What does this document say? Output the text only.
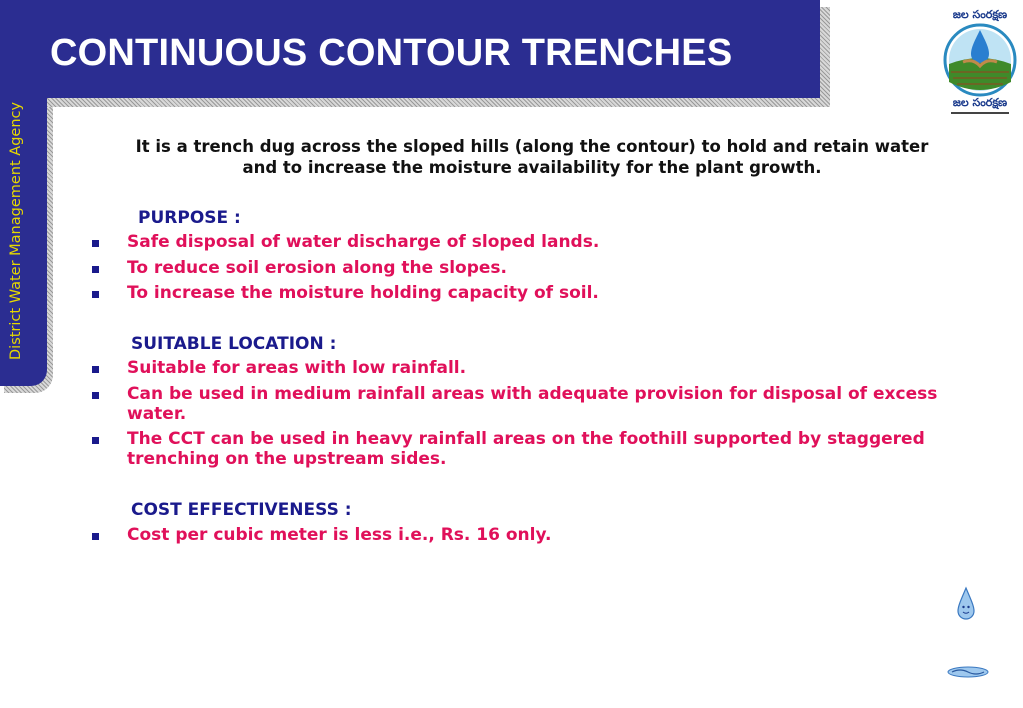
District Water Management Agency
CONTINUOUS CONTOUR TRENCHES
జల సంరక్షణ
జల సంరక్షణ
It is a trench dug across the sloped hills (along the contour) to hold and retain water and to increase the moisture availability for the plant growth.
PURPOSE :
Safe disposal of water discharge of sloped lands.
To reduce soil erosion along the slopes.
To increase the moisture holding capacity of soil.
SUITABLE LOCATION :
Suitable for areas with low rainfall.
Can be used in medium rainfall areas with adequate provision for disposal of excess water.
The CCT can be used in heavy rainfall areas on the foothill supported by staggered trenching on the upstream sides.
COST EFFECTIVENESS :
Cost per cubic meter is less i.e., Rs. 16 only.
